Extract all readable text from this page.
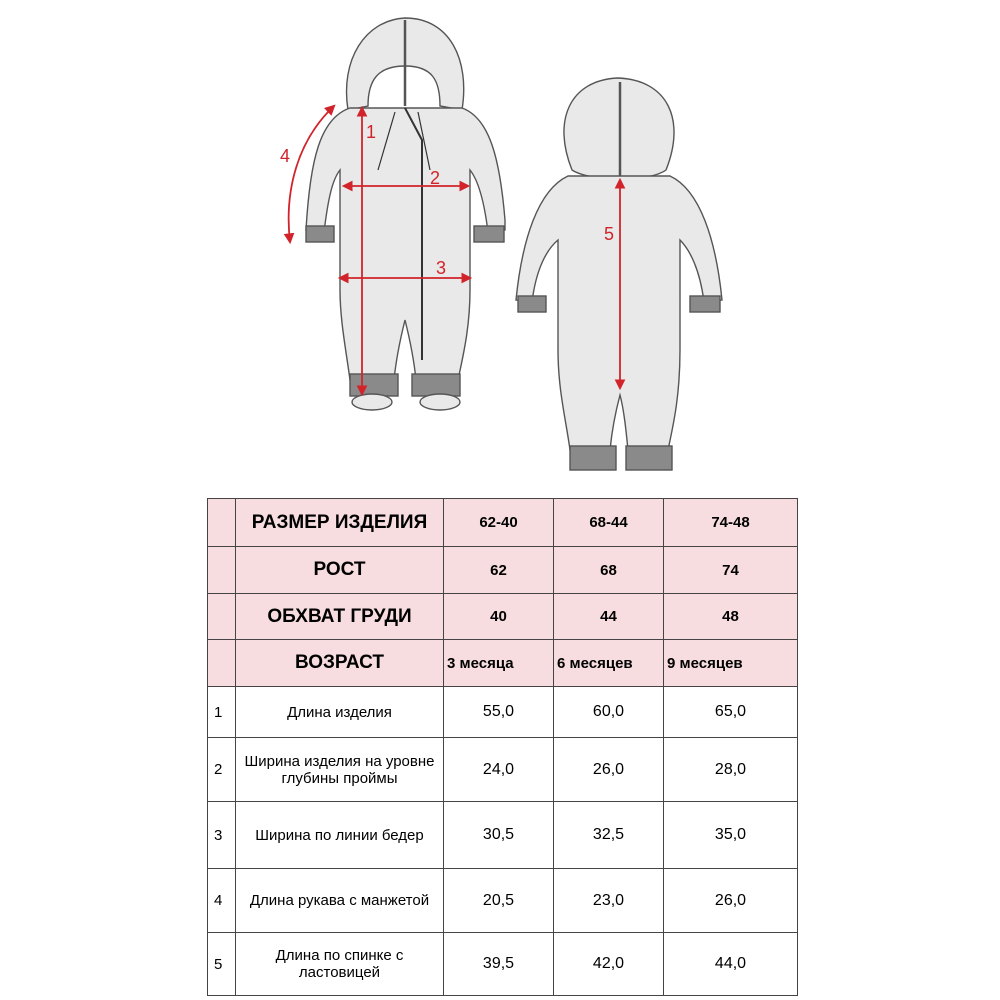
1
2
3
4
5
	РАЗМЕР ИЗДЕЛИЯ	62-40	68-44	74-48
	РОСТ	62	68	74
	ОБХВАТ ГРУДИ	40	44	48
	ВОЗРАСТ	3 месяца	6 месяцев	9 месяцев
1	Длина изделия	55,0	60,0	65,0
2	Ширина изделия на уровне глубины проймы	24,0	26,0	28,0
3	Ширина по линии бедер	30,5	32,5	35,0
4	Длина рукава с манжетой	20,5	23,0	26,0
5	Длина по спинке с ластовицей	39,5	42,0	44,0
